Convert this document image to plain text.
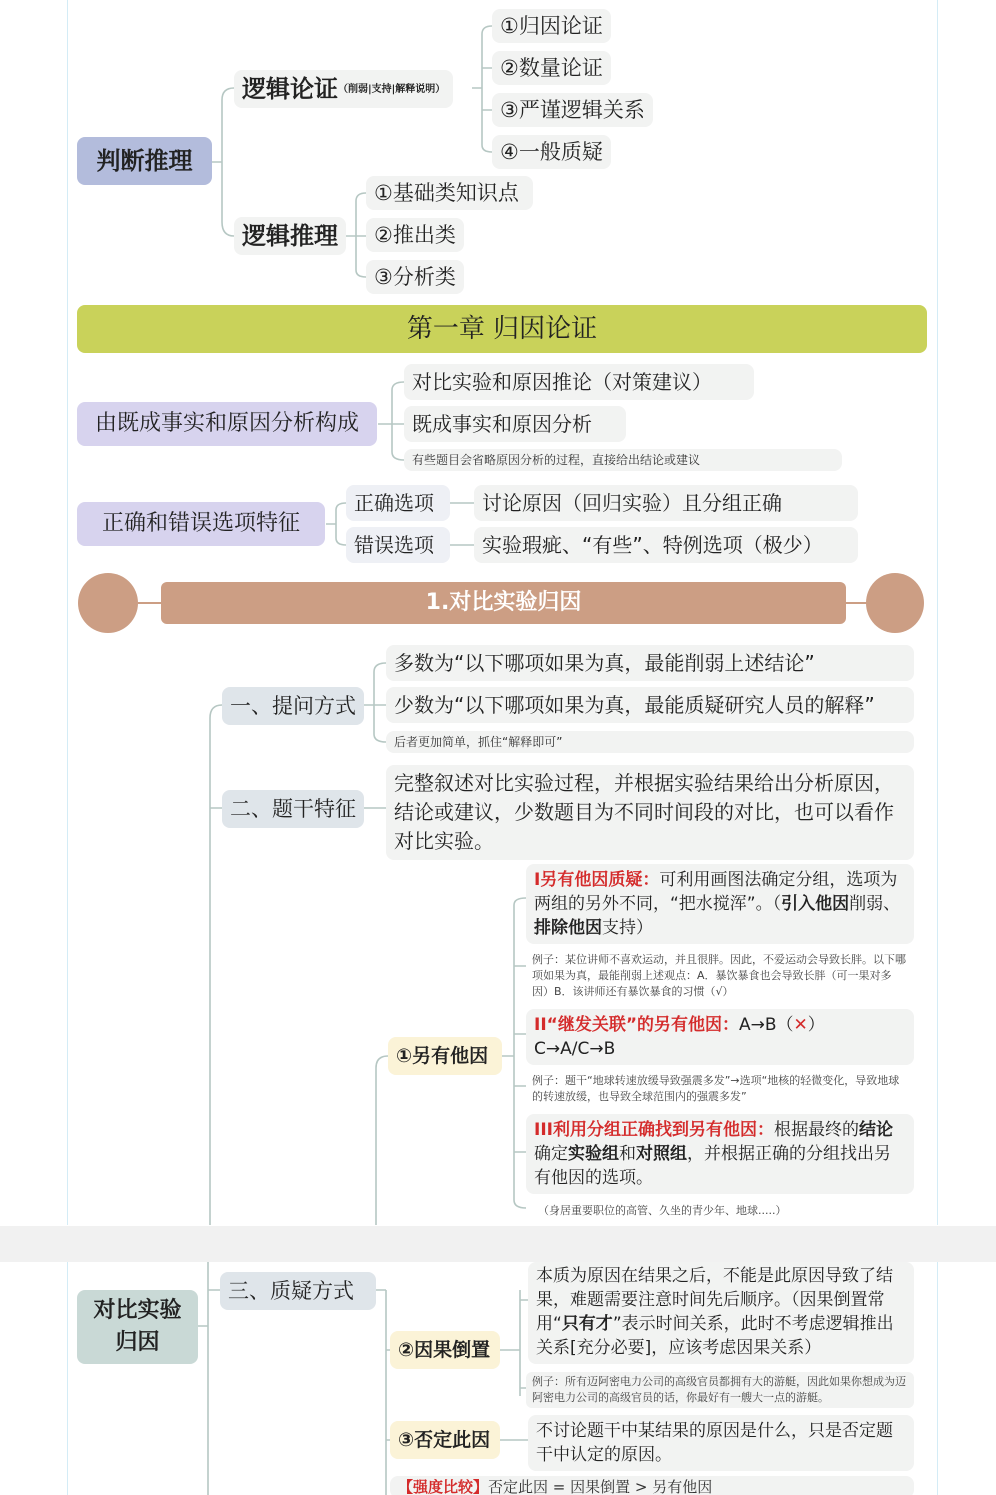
判断推理
逻辑论证（削弱|支持|解释说明）
①归因论证
②数量论证
③严谨逻辑关系
④一般质疑
逻辑推理
①基础类知识点
②推出类
③分析类
第一章 归因论证
由既成事实和原因分析构成
对比实验和原因推论（对策建议）
既成事实和原因分析
有些题目会省略原因分析的过程，直接给出结论或建议
正确和错误选项特征
正确选项	讨论原因（回归实验）且分组正确
错误选项	实验瑕疵、“有些”、特例选项（极少）
1.对比实验归因
一、提问方式
多数为“以下哪项如果为真，最能削弱上述结论”
少数为“以下哪项如果为真，最能质疑研究人员的解释”
后者更加简单，抓住“解释即可”
二、题干特征
完整叙述对比实验过程，并根据实验结果给出分析原因，结论或建议，少数题目为不同时间段的对比，也可以看作对比实验。
①另有他因
I另有他因质疑：可利用画图法确定分组，选项为两组的另外不同，“把水搅浑”。（引入他因削弱、排除他因支持）
例子：某位讲师不喜欢运动，并且很胖。因此，不爱运动会导致长胖。以下哪项如果为真，最能削弱上述观点：A．暴饮暴食也会导致长胖（可一果对多因）B．该讲师还有暴饮暴食的习惯（√）
II“继发关联”的另有他因：A→B（✕）
C→A/C→B
例子：题干“地球转速放缓导致强震多发”→选项“地核的轻微变化，导致地球的转速放缓，也导致全球范围内的强震多发”
III利用分组正确找到另有他因：根据最终的结论确定实验组和对照组，并根据正确的分组找出另有他因的选项。
（身居重要职位的高管、久坐的青少年、地球.....）
对比实验
归因
三、质疑方式
②因果倒置
本质为原因在结果之后，不能是此原因导致了结果，难题需要注意时间先后顺序。（因果倒置常用“只有才”表示时间关系，此时不考虑逻辑推出关系[充分必要]，应该考虑因果关系）
例子：所有迈阿密电力公司的高级官员都拥有大的游艇，因此如果你想成为迈阿密电力公司的高级官员的话，你最好有一艘大一点的游艇。
③否定此因	不讨论题干中某结果的原因是什么，只是否定题干中认定的原因。
【强度比较】否定此因 = 因果倒置 > 另有他因
